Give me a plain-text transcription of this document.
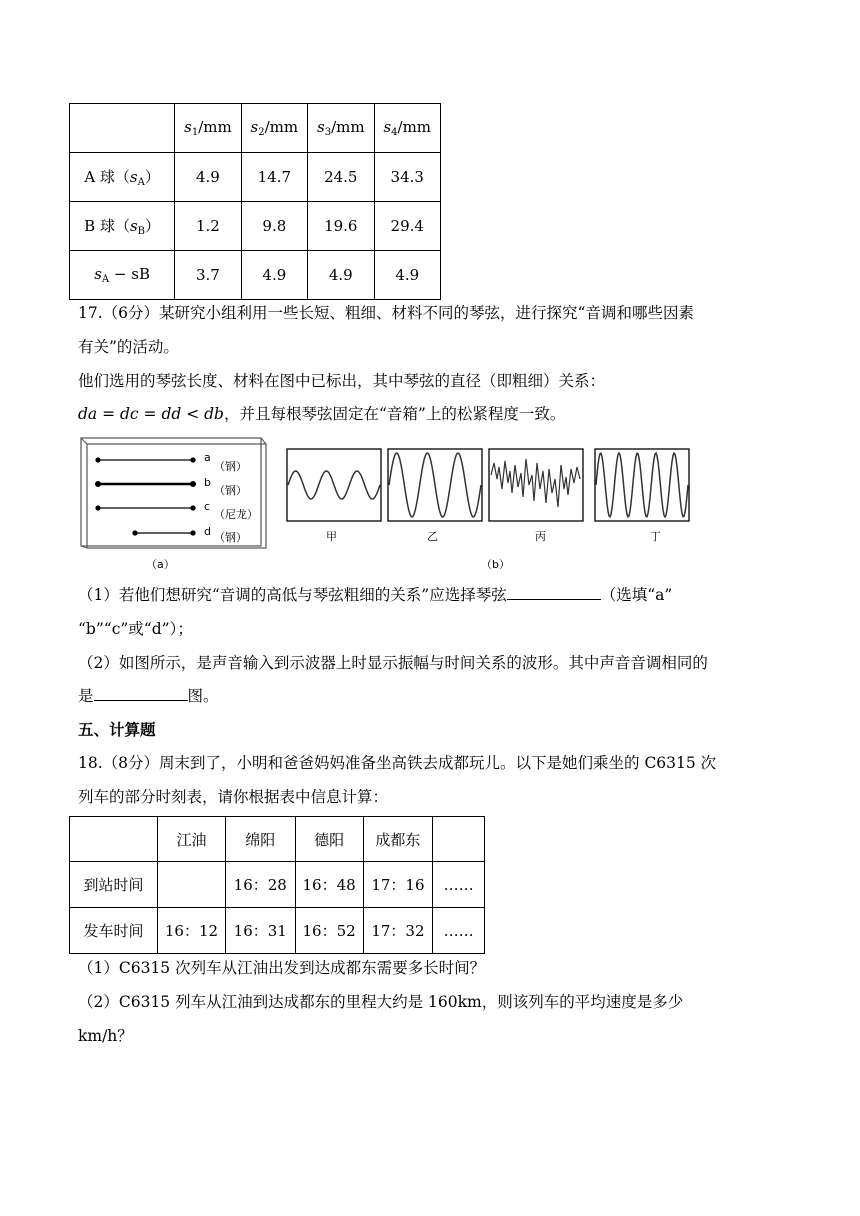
	$s_1/mm$	$s_2/mm$	$s_3/mm$	$s_4/mm$
A 球$(s_A)$	4.9	14.7	24.5	34.3
B 球$(s_B)$	1.2	9.8	19.6	29.4
$s_A$ − sB	3.7	4.9	4.9	4.9
17.（6分）某研究小组利用一些长短、粗细、材料不同的琴弦，进行探究“音调和哪些因素
有关”的活动。
他们选用的琴弦长度、材料在图中已标出，其中琴弦的直径（即粗细）关系：
da = dc = dd < db，并且每根琴弦固定在“音箱”上的松紧程度一致。
a
（钢）
b
（钢）
c
（尼龙）
d （钢）
（a）
甲	乙	丙	丁
（b）
（1）若他们想研究“音调的高低与琴弦粗细的关系”应选择琴弦	（选填“a”
“b”“c”或“d”）；
（2）如图所示，是声音输入到示波器上时显示振幅与时间关系的波形。其中声音音调相同的
是	图。
五、计算题
18.（8分）周末到了，小明和爸爸妈妈准备坐高铁去成都玩儿。以下是她们乘坐的 C6315 次
列车的部分时刻表，请你根据表中信息计算：
	江油	绵阳	德阳	成都东	
到站时间		16：28	16：48	17：16	……
发车时间	16：12	16：31	16：52	17：32	……
（1）C6315 次列车从江油出发到达成都东需要多长时间？
（2）C6315 列车从江油到达成都东的里程大约是 160km，则该列车的平均速度是多少
km/h？
